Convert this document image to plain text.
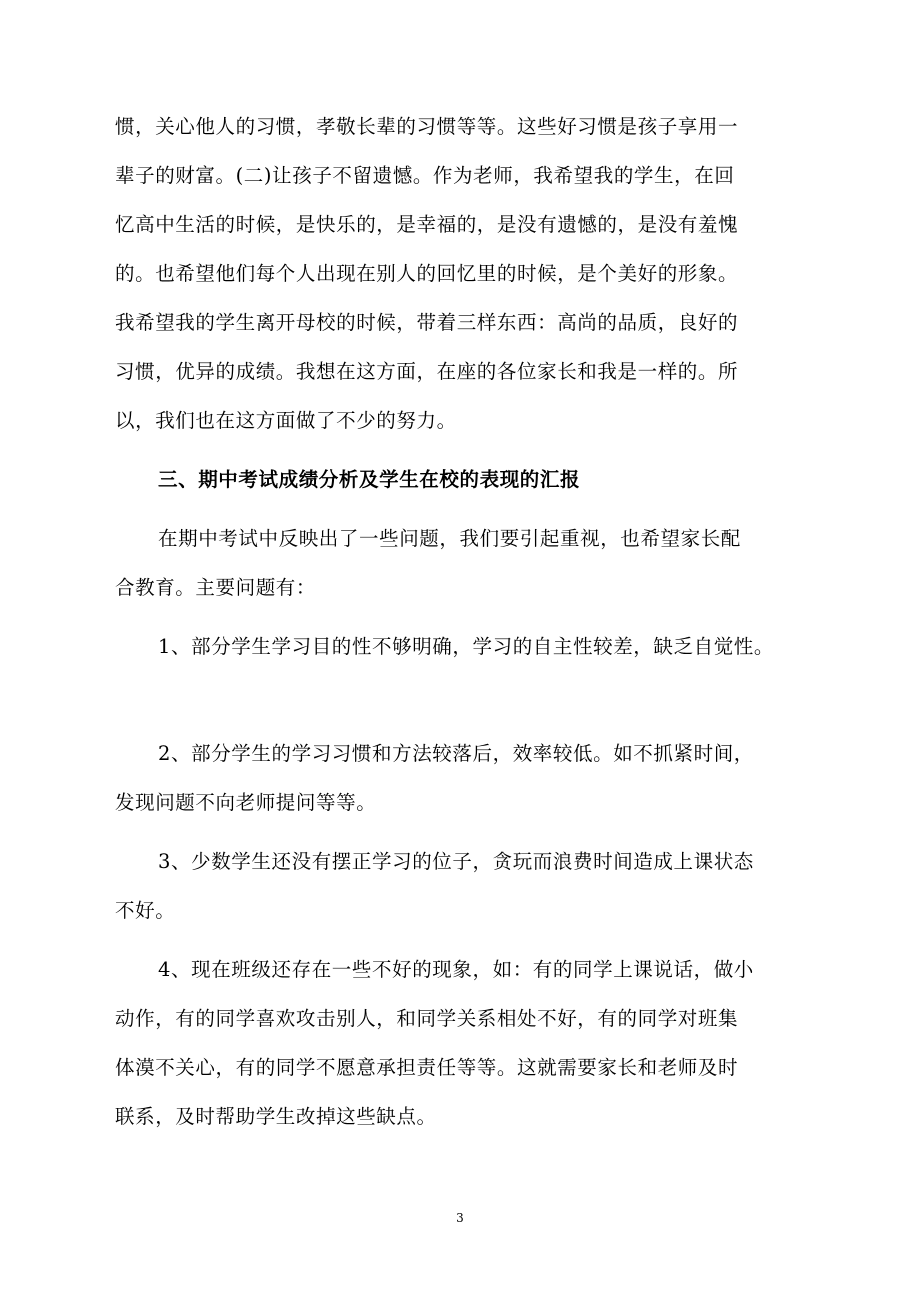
惯，关心他人的习惯，孝敬长辈的习惯等等。这些好习惯是孩子享用一
辈子的财富。(二)让孩子不留遗憾。作为老师，我希望我的学生，在回
忆高中生活的时候，是快乐的，是幸福的，是没有遗憾的，是没有羞愧
的。也希望他们每个人出现在别人的回忆里的时候，是个美好的形象。
我希望我的学生离开母校的时候，带着三样东西：高尚的品质，良好的
习惯，优异的成绩。我想在这方面，在座的各位家长和我是一样的。所
以，我们也在这方面做了不少的努力。
三、期中考试成绩分析及学生在校的表现的汇报
在期中考试中反映出了一些问题，我们要引起重视，也希望家长配
合教育。主要问题有：
1、部分学生学习目的性不够明确，学习的自主性较差，缺乏自觉性。
2、部分学生的学习习惯和方法较落后，效率较低。如不抓紧时间，
发现问题不向老师提问等等。
3、少数学生还没有摆正学习的位子，贪玩而浪费时间造成上课状态
不好。
4、现在班级还存在一些不好的现象，如：有的同学上课说话，做小
动作，有的同学喜欢攻击别人，和同学关系相处不好，有的同学对班集
体漠不关心，有的同学不愿意承担责任等等。这就需要家长和老师及时
联系，及时帮助学生改掉这些缺点。
3
